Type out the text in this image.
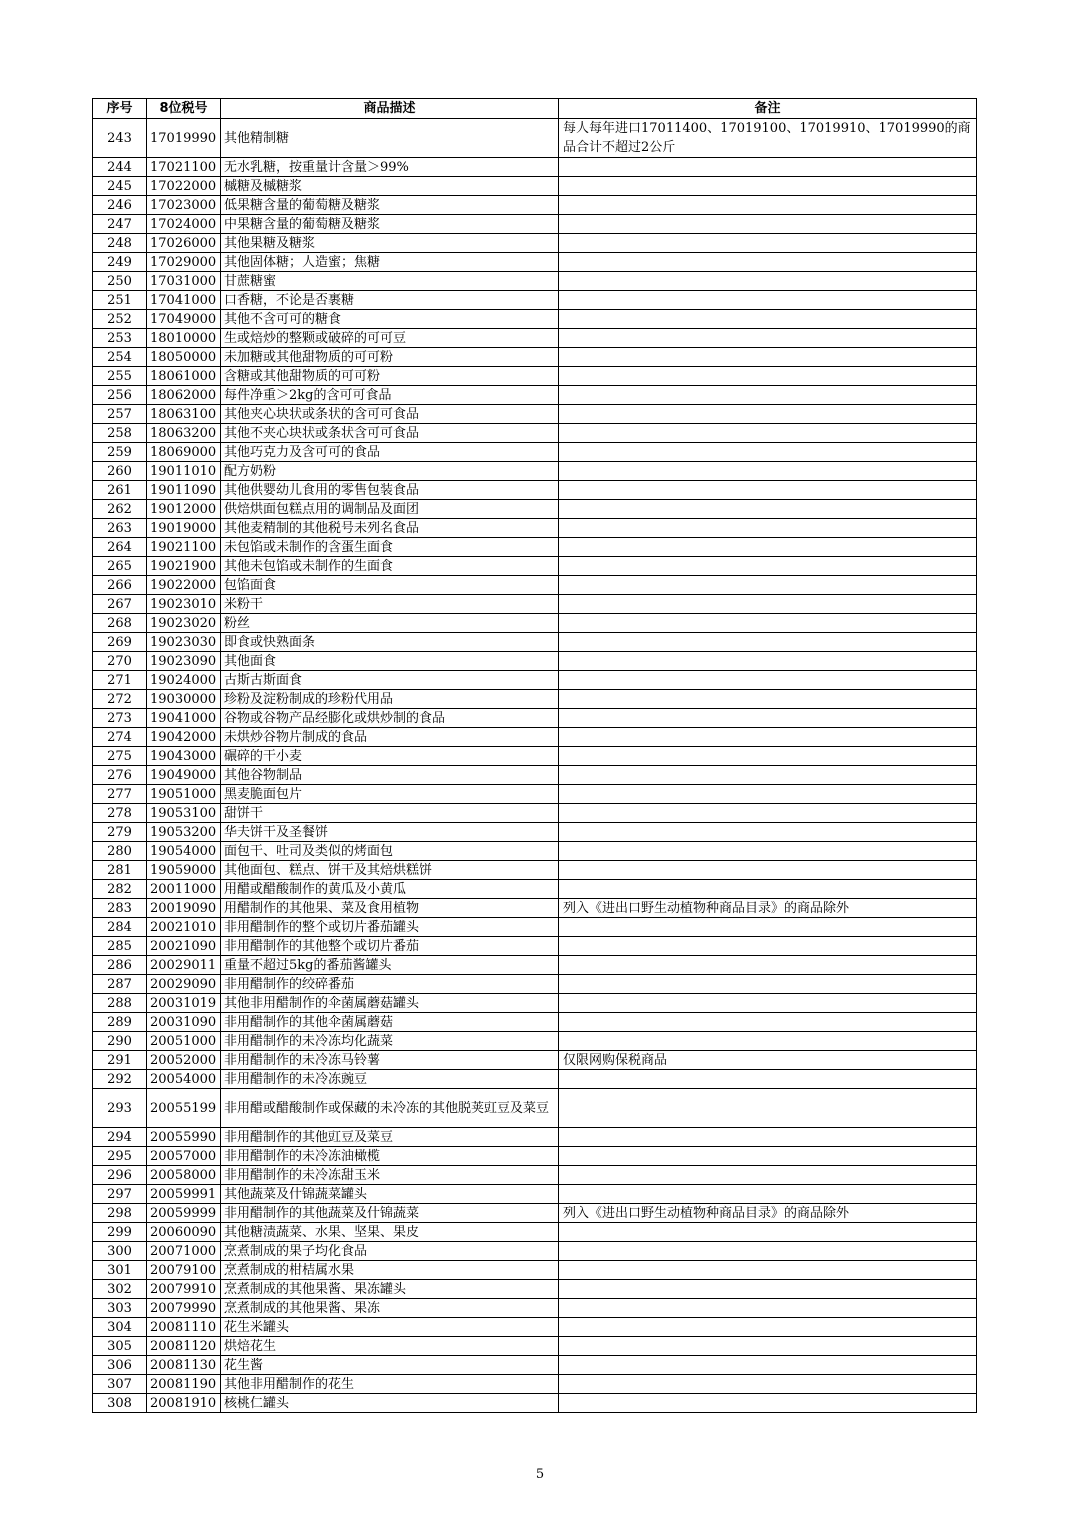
序号	8位税号	商品描述	备注
243	17019990	其他精制糖	每人每年进口17011400、17019100、17019910、17019990的商品合计不超过2公斤
244	17021100	无水乳糖，按重量计含量＞99%	
245	17022000	槭糖及槭糖浆	
246	17023000	低果糖含量的葡萄糖及糖浆	
247	17024000	中果糖含量的葡萄糖及糖浆	
248	17026000	其他果糖及糖浆	
249	17029000	其他固体糖；人造蜜；焦糖	
250	17031000	甘蔗糖蜜	
251	17041000	口香糖，不论是否裹糖	
252	17049000	其他不含可可的糖食	
253	18010000	生或焙炒的整颗或破碎的可可豆	
254	18050000	未加糖或其他甜物质的可可粉	
255	18061000	含糖或其他甜物质的可可粉	
256	18062000	每件净重＞2kg的含可可食品	
257	18063100	其他夹心块状或条状的含可可食品	
258	18063200	其他不夹心块状或条状含可可食品	
259	18069000	其他巧克力及含可可的食品	
260	19011010	配方奶粉	
261	19011090	其他供婴幼儿食用的零售包装食品	
262	19012000	供焙烘面包糕点用的调制品及面团	
263	19019000	其他麦精制的其他税号未列名食品	
264	19021100	未包馅或未制作的含蛋生面食	
265	19021900	其他未包馅或未制作的生面食	
266	19022000	包馅面食	
267	19023010	米粉干	
268	19023020	粉丝	
269	19023030	即食或快熟面条	
270	19023090	其他面食	
271	19024000	古斯古斯面食	
272	19030000	珍粉及淀粉制成的珍粉代用品	
273	19041000	谷物或谷物产品经膨化或烘炒制的食品	
274	19042000	未烘炒谷物片制成的食品	
275	19043000	碾碎的干小麦	
276	19049000	其他谷物制品	
277	19051000	黑麦脆面包片	
278	19053100	甜饼干	
279	19053200	华夫饼干及圣餐饼	
280	19054000	面包干、吐司及类似的烤面包	
281	19059000	其他面包、糕点、饼干及其焙烘糕饼	
282	20011000	用醋或醋酸制作的黄瓜及小黄瓜	
283	20019090	用醋制作的其他果、菜及食用植物	列入《进出口野生动植物种商品目录》的商品除外
284	20021010	非用醋制作的整个或切片番茄罐头	
285	20021090	非用醋制作的其他整个或切片番茄	
286	20029011	重量不超过5kg的番茄酱罐头	
287	20029090	非用醋制作的绞碎番茄	
288	20031019	其他非用醋制作的伞菌属蘑菇罐头	
289	20031090	非用醋制作的其他伞菌属蘑菇	
290	20051000	非用醋制作的未冷冻均化蔬菜	
291	20052000	非用醋制作的未冷冻马铃薯	仅限网购保税商品
292	20054000	非用醋制作的未冷冻豌豆	
293	20055199	非用醋或醋酸制作或保藏的未冷冻的其他脱荚豇豆及菜豆	
294	20055990	非用醋制作的其他豇豆及菜豆	
295	20057000	非用醋制作的未冷冻油橄榄	
296	20058000	非用醋制作的未冷冻甜玉米	
297	20059991	其他蔬菜及什锦蔬菜罐头	
298	20059999	非用醋制作的其他蔬菜及什锦蔬菜	列入《进出口野生动植物种商品目录》的商品除外
299	20060090	其他糖渍蔬菜、水果、坚果、果皮	
300	20071000	烹煮制成的果子均化食品	
301	20079100	烹煮制成的柑桔属水果	
302	20079910	烹煮制成的其他果酱、果冻罐头	
303	20079990	烹煮制成的其他果酱、果冻	
304	20081110	花生米罐头	
305	20081120	烘焙花生	
306	20081130	花生酱	
307	20081190	其他非用醋制作的花生	
308	20081910	核桃仁罐头	
5
